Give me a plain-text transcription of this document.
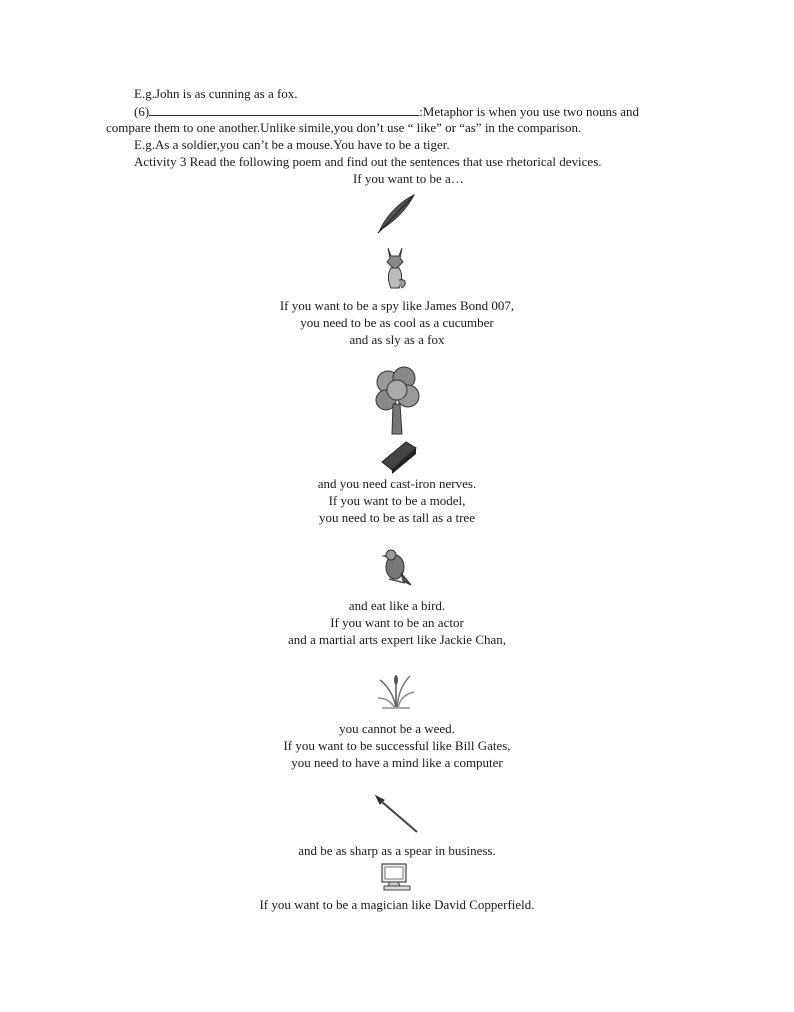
E.g.John is as cunning as a fox.
(6)	:Metaphor is when you use two nouns and
compare them to one another.Unlike simile,you don’t use “ like” or “as” in the comparison.
E.g.As a soldier,you can’t be a mouse.You have to be a tiger.
Activity 3 Read the following poem and find out the sentences that use rhetorical devices.
If you want to be a…
If you want to be a spy like James Bond 007,
you need to be as cool as a cucumber
and as sly as a fox
and you need cast-iron nerves.
If you want to be a model,
you need to be as tall as a tree
and eat like a bird.
If you want to be an actor
and a martial arts expert like Jackie Chan,
you cannot be a weed.
If you want to be successful like Bill Gates,
you need to have a mind like a computer
and be as sharp as a spear in business.
If you want to be a magician like David Copperfield.
